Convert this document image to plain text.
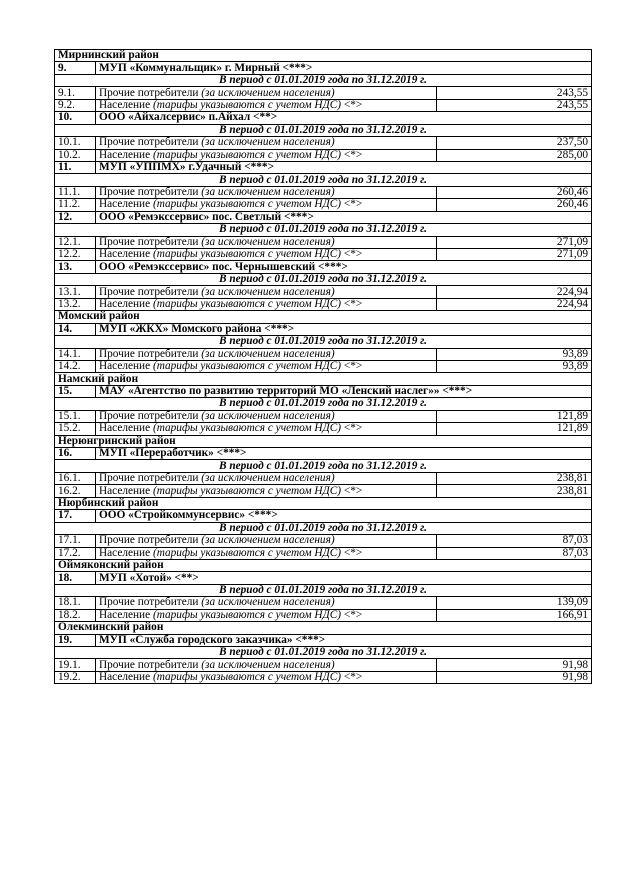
Мирнинский район		
9.	МУП «Коммунальщик» г. Мирный <***>	
В период с 01.01.2019 года по 31.12.2019 г.		
9.1.	Прочие потребители (за исключением населения)	243,55
9.2.	Население (тарифы указываются с учетом НДС) <*>	243,55
10.	ООО «Айхалсервис» п.Айхал <**>	
В период с 01.01.2019 года по 31.12.2019 г.		
10.1.	Прочие потребители (за исключением населения)	237,50
10.2.	Население (тарифы указываются с учетом НДС) <*>	285,00
11.	МУП «УППМХ» г.Удачный <***>	
В период с 01.01.2019 года по 31.12.2019 г.		
11.1.	Прочие потребители (за исключением населения)	260,46
11.2.	Население (тарифы указываются с учетом НДС) <*>	260,46
12.	ООО «Ремэкссервис» пос. Светлый <***>	
В период с 01.01.2019 года по 31.12.2019 г.		
12.1.	Прочие потребители (за исключением населения)	271,09
12.2.	Население (тарифы указываются с учетом НДС) <*>	271,09
13.	ООО «Ремэкссервис» пос. Чернышевский <***>	
В период с 01.01.2019 года по 31.12.2019 г.		
13.1.	Прочие потребители (за исключением населения)	224,94
13.2.	Население (тарифы указываются с учетом НДС) <*>	224,94
Момский район		
14.	МУП «ЖКХ» Момского района <***>	
В период с 01.01.2019 года по 31.12.2019 г.		
14.1.	Прочие потребители (за исключением населения)	93,89
14.2.	Население (тарифы указываются с учетом НДС) <*>	93,89
Намский район		
15.	МАУ «Агентство по развитию территорий МО «Ленский наслег»» <***>	
В период с 01.01.2019 года по 31.12.2019 г.		
15.1.	Прочие потребители (за исключением населения)	121,89
15.2.	Население (тарифы указываются с учетом НДС) <*>	121,89
Нерюнгринский район		
16.	МУП «Переработчик» <***>	
В период с 01.01.2019 года по 31.12.2019 г.		
16.1.	Прочие потребители (за исключением населения)	238,81
16.2.	Население (тарифы указываются с учетом НДС) <*>	238,81
Нюрбинский район		
17.	ООО «Стройкоммунсервис» <***>	
В период с 01.01.2019 года по 31.12.2019 г.		
17.1.	Прочие потребители (за исключением населения)	87,03
17.2.	Население (тарифы указываются с учетом НДС) <*>	87,03
Оймяконский район		
18.	МУП «Хотой» <**>	
В период с 01.01.2019 года по 31.12.2019 г.		
18.1.	Прочие потребители (за исключением населения)	139,09
18.2.	Население (тарифы указываются с учетом НДС) <*>	166,91
Олекминский район		
19.	МУП «Служба городского заказчика» <***>	
В период с 01.01.2019 года по 31.12.2019 г.		
19.1.	Прочие потребители (за исключением населения)	91,98
19.2.	Население (тарифы указываются с учетом НДС) <*>	91,98
